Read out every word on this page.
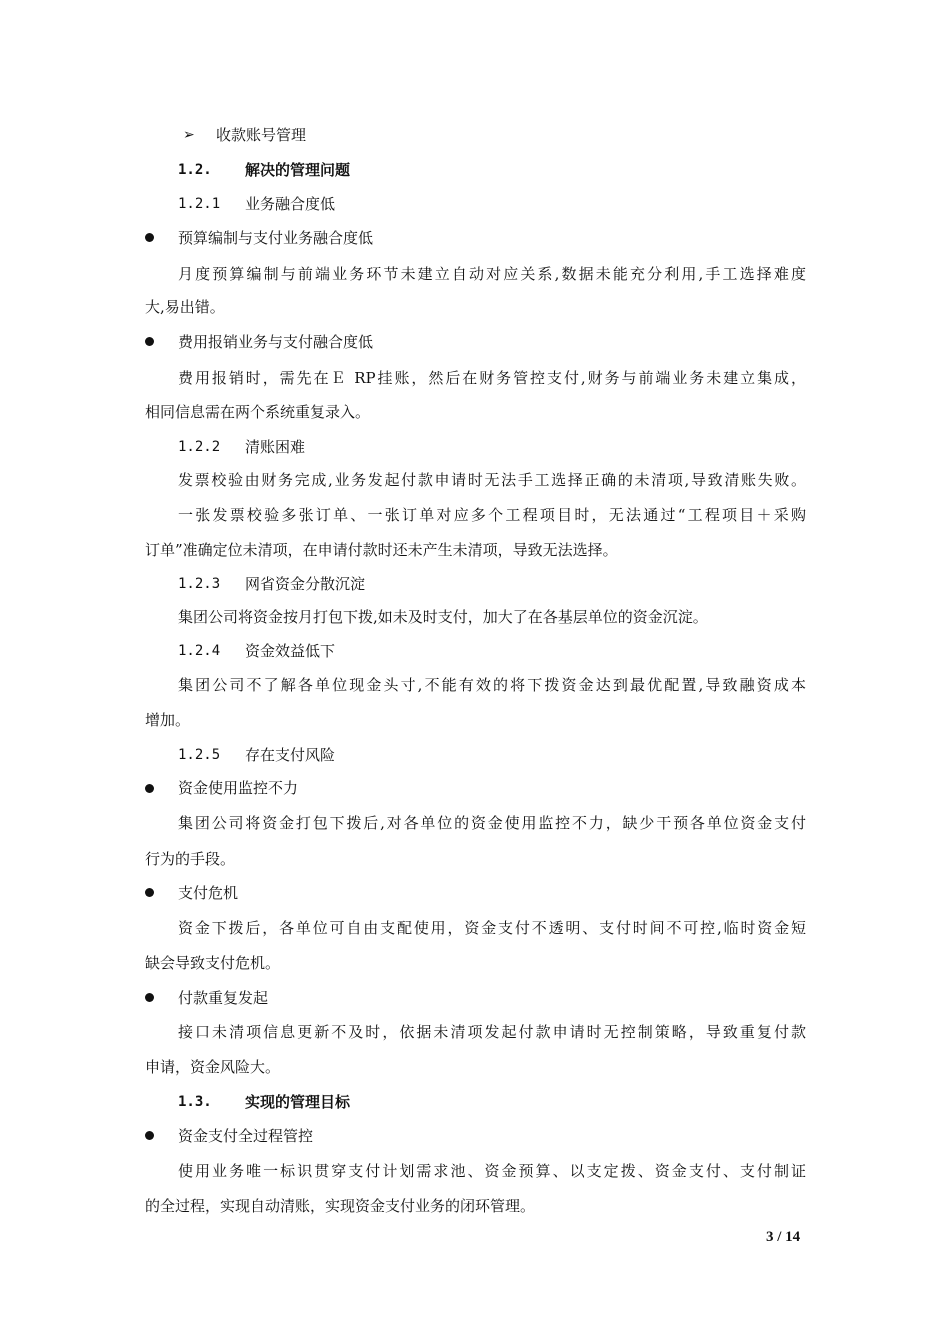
➢ 收款账号管理
1.2. 解决的管理问题
1.2.1 业务融合度低
预算编制与支付业务融合度低
月度预算编制与前端业务环节未建立自动对应关系,数据未能充分利用,手工选择难度
大,易出错。
费用报销业务与支付融合度低
费用报销时，需先在Ｅ RP挂账，然后在财务管控支付,财务与前端业务未建立集成，
相同信息需在两个系统重复录入。
1.2.2 清账困难
发票校验由财务完成,业务发起付款申请时无法手工选择正确的未清项,导致清账失败。
一张发票校验多张订单、一张订单对应多个工程项目时，无法通过“工程项目＋采购
订单”准确定位未清项，在申请付款时还未产生未清项，导致无法选择。
1.2.3 网省资金分散沉淀
集团公司将资金按月打包下拨,如未及时支付，加大了在各基层单位的资金沉淀。
1.2.4 资金效益低下
集团公司不了解各单位现金头寸,不能有效的将下拨资金达到最优配置,导致融资成本
增加。
1.2.5 存在支付风险
资金使用监控不力
集团公司将资金打包下拨后,对各单位的资金使用监控不力，缺少干预各单位资金支付
行为的手段。
支付危机
资金下拨后，各单位可自由支配使用，资金支付不透明、支付时间不可控,临时资金短
缺会导致支付危机。
付款重复发起
接口未清项信息更新不及时，依据未清项发起付款申请时无控制策略，导致重复付款
申请，资金风险大。
1.3. 实现的管理目标
资金支付全过程管控
使用业务唯一标识贯穿支付计划需求池、资金预算、以支定拨、资金支付、支付制证
的全过程，实现自动清账，实现资金支付业务的闭环管理。
3 / 14
